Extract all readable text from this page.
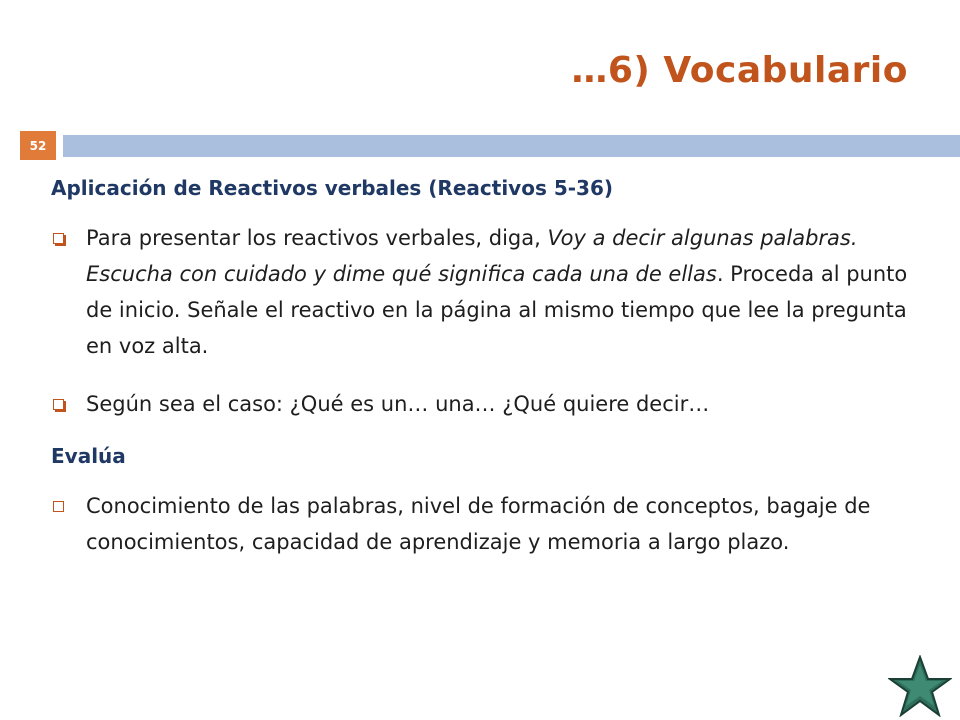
…6) Vocabulario
52
Aplicación de Reactivos verbales (Reactivos 5-36)
Para presentar los reactivos verbales, diga, Voy a decir algunas palabras. Escucha con cuidado y dime qué significa cada una de ellas. Proceda al punto de inicio. Señale el reactivo en la página al mismo tiempo que lee la pregunta en voz alta.
Según sea el caso: ¿Qué es un… una… ¿Qué quiere decir…
Evalúa
Conocimiento de las palabras, nivel de formación de conceptos, bagaje de conocimientos, capacidad de aprendizaje y memoria a largo plazo.
